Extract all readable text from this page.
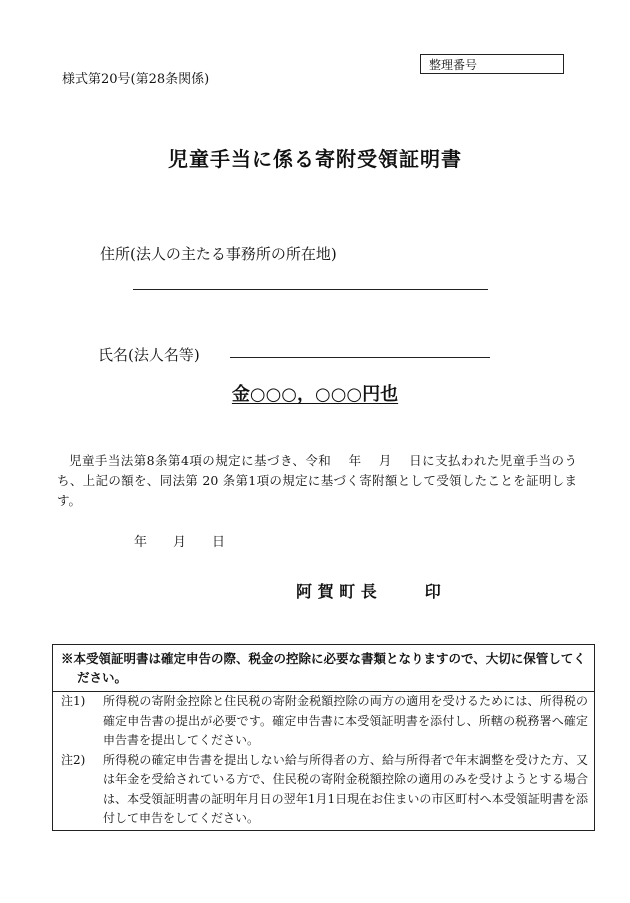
様式第20号(第28条関係)
整理番号
児童手当に係る寄附受領証明書
住所(法人の主たる事務所の所在地)
氏名(法人名等)
金○○○，○○○円也
児童手当法第8条第4項の規定に基づき、令和　 年　 月　 日に支払われた児童手当のうち、上記の額を、同法第 20 条第1項の規定に基づく寄附額として受領したことを証明します。
年　　月　　日
阿 賀 町 長　　　印
※本受領証明書は確定申告の際、税金の控除に必要な書類となりますので、大切に保管してください。
注1)	所得税の寄附金控除と住民税の寄附金税額控除の両方の適用を受けるためには、所得税の確定申告書の提出が必要です。確定申告書に本受領証明書を添付し、所轄の税務署へ確定申告書を提出してください。
注2)	所得税の確定申告書を提出しない給与所得者の方、給与所得者で年末調整を受けた方、又は年金を受給されている方で、住民税の寄附金税額控除の適用のみを受けようとする場合は、本受領証明書の証明年月日の翌年1月1日現在お住まいの市区町村へ本受領証明書を添付して申告をしてください。
